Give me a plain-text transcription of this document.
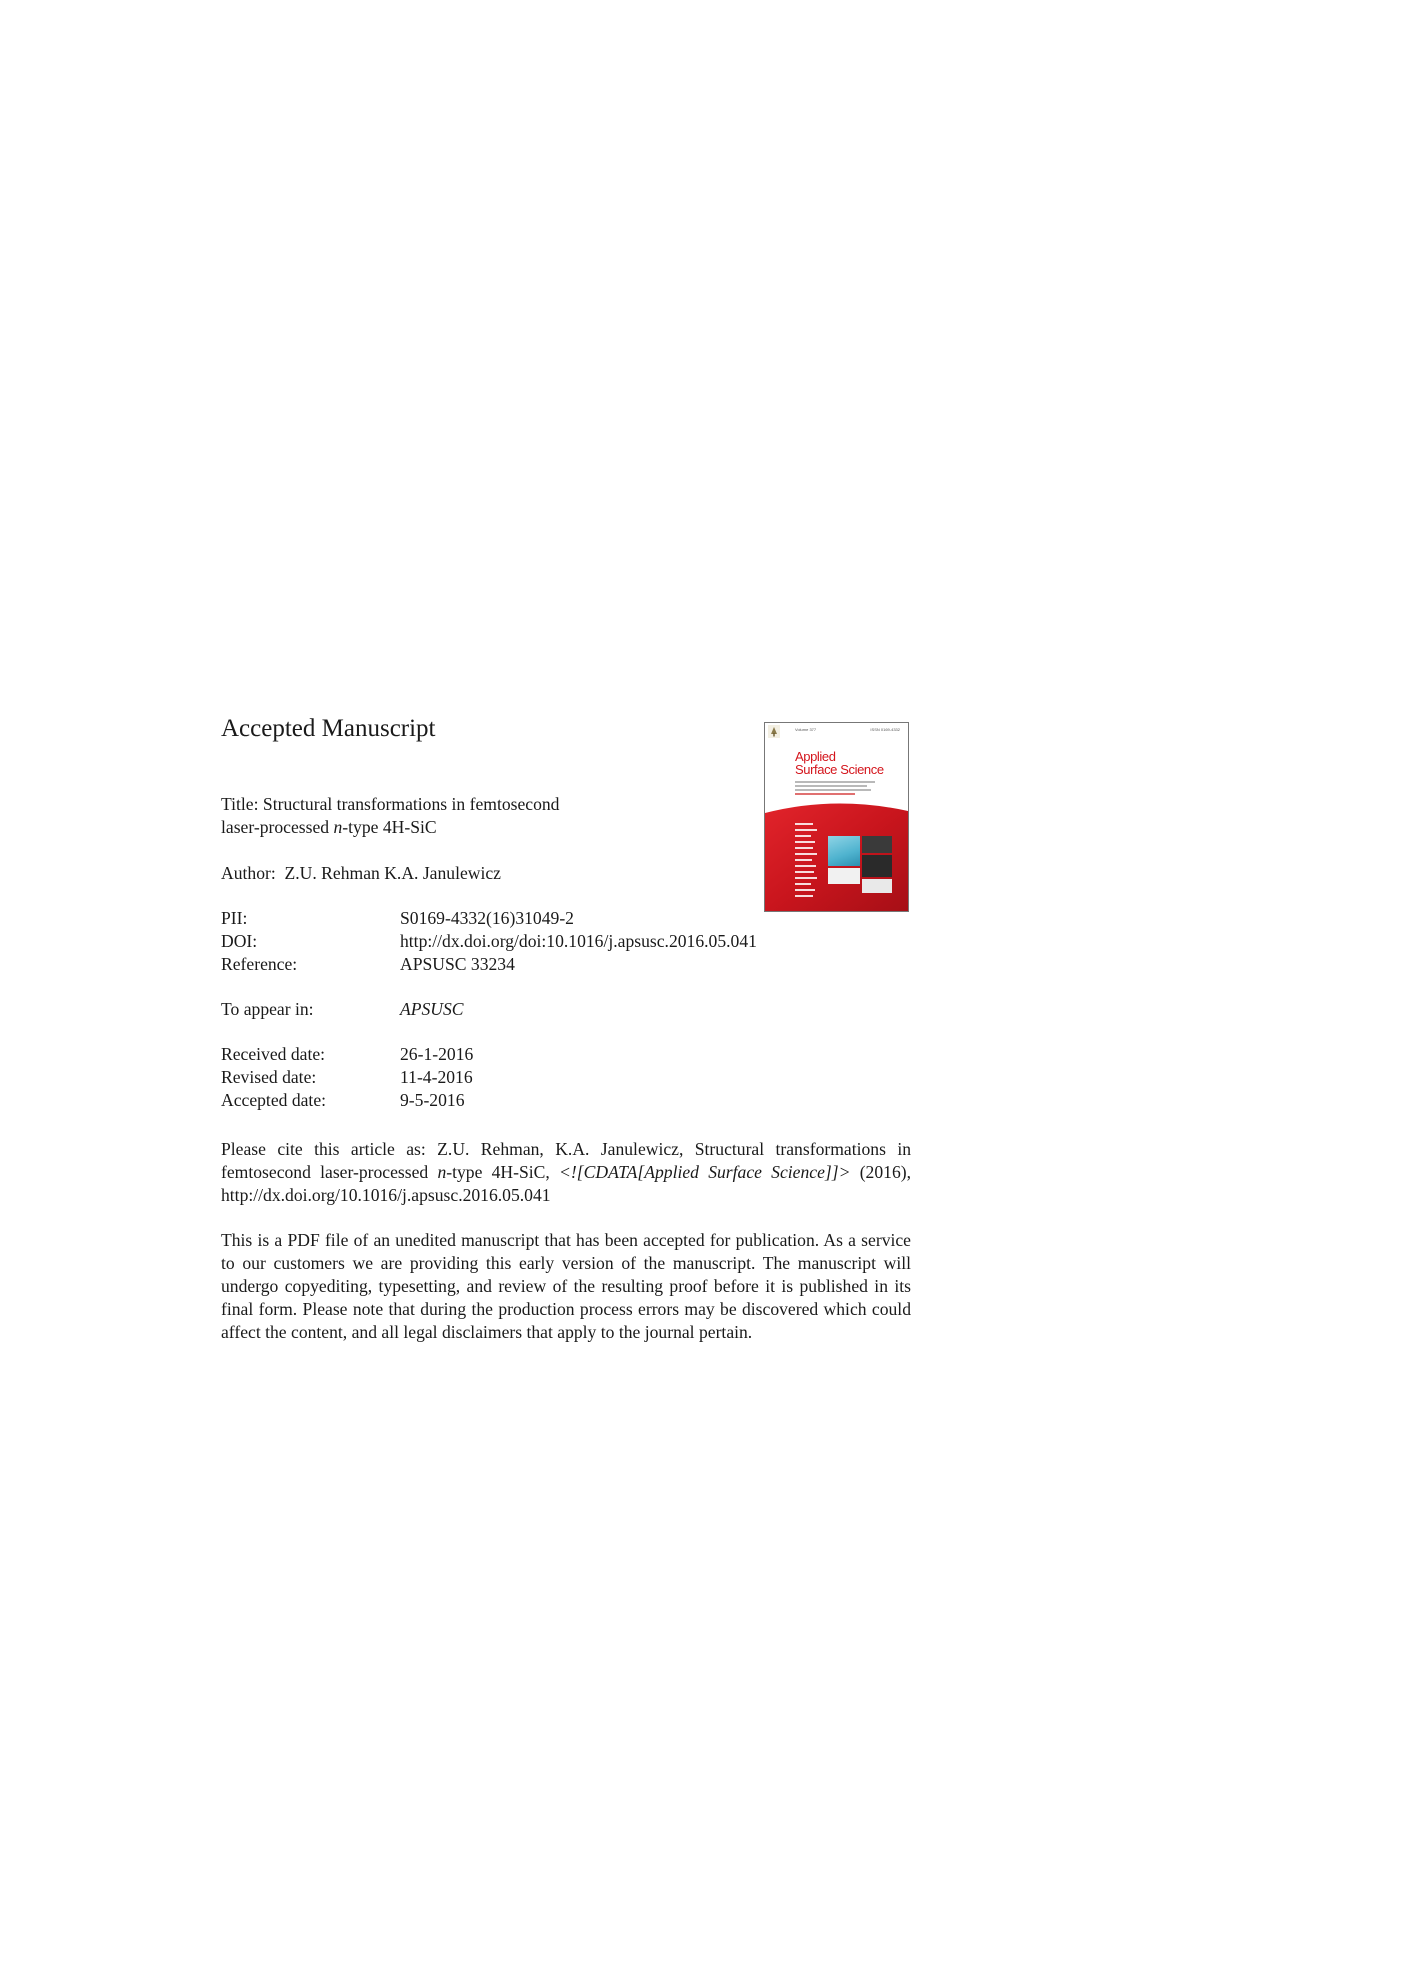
Accepted Manuscript
Title: Structural transformations in femtosecond
laser-processed n-type 4H-SiC
Author: Z.U. Rehman K.A. Janulewicz
PII:	S0169-4332(16)31049-2
DOI:	http://dx.doi.org/doi:10.1016/j.apsusc.2016.05.041
Reference:	APSUSC 33234
To appear in:	APSUSC
Received date:	26-1-2016
Revised date:	11-4-2016
Accepted date:	9-5-2016
Please cite this article as: Z.U. Rehman, K.A. Janulewicz, Structural transformations in femtosecond laser-processed n-type 4H-SiC, <![CDATA[Applied Surface Science]]> (2016), http://dx.doi.org/10.1016/j.apsusc.2016.05.041
This is a PDF file of an unedited manuscript that has been accepted for publication. As a service to our customers we are providing this early version of the manuscript. The manuscript will undergo copyediting, typesetting, and review of the resulting proof before it is published in its final form. Please note that during the production process errors may be discovered which could affect the content, and all legal disclaimers that apply to the journal pertain.
Volume 377	ISSN 0169-4332
Applied
Surface Science
